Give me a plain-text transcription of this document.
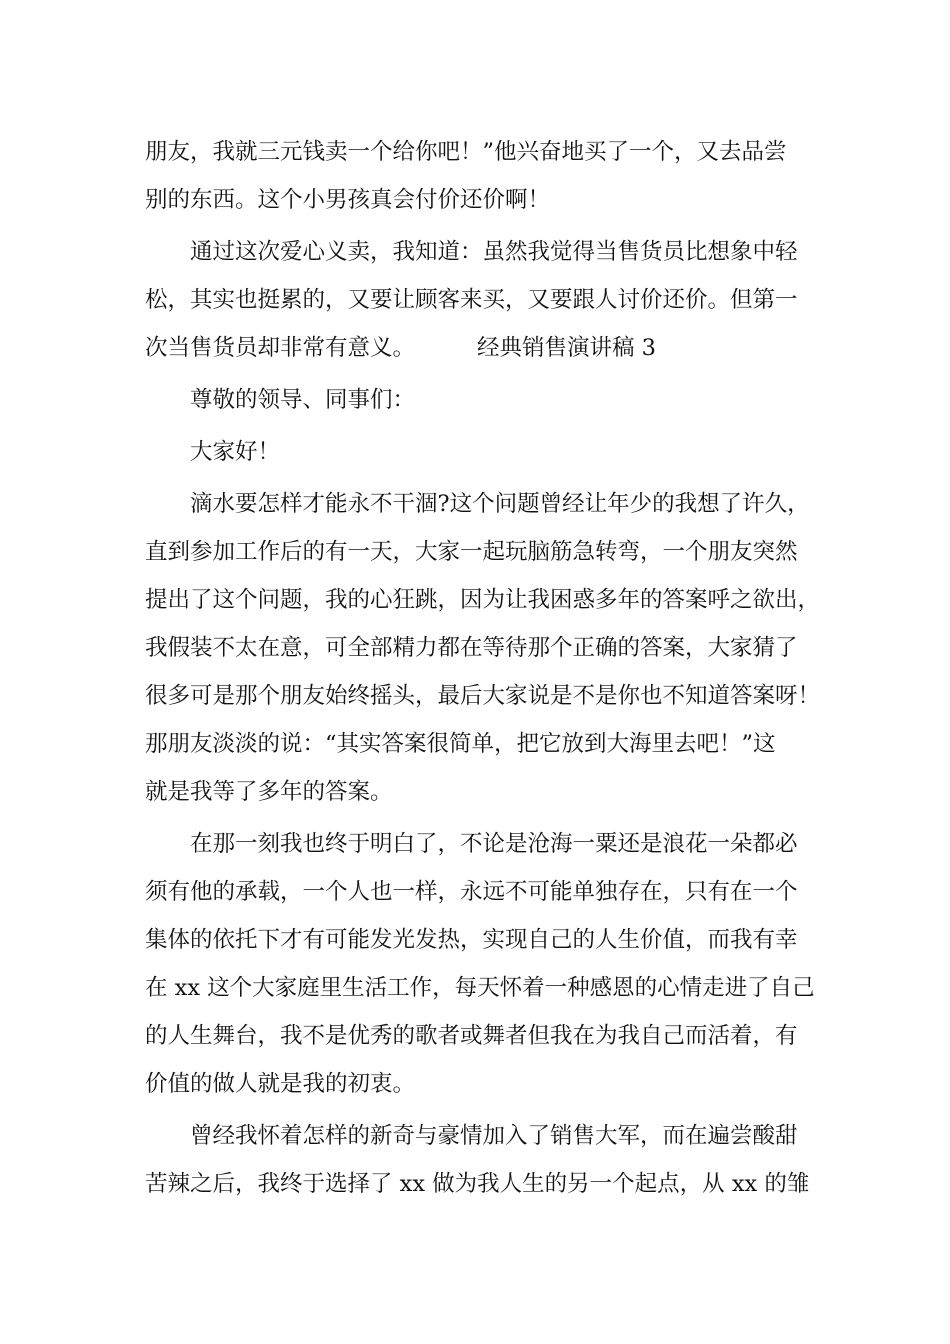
朋友，我就三元钱卖一个给你吧！”他兴奋地买了一个，又去品尝
别的东西。这个小男孩真会付价还价啊！
通过这次爱心义卖，我知道：虽然我觉得当售货员比想象中轻
松，其实也挺累的，又要让顾客来买，又要跟人讨价还价。但第一
次当售货员却非常有意义。	经典销售演讲稿 3
尊敬的领导、同事们：
大家好！
滴水要怎样才能永不干涸?这个问题曾经让年少的我想了许久，
直到参加工作后的有一天，大家一起玩脑筋急转弯，一个朋友突然
提出了这个问题，我的心狂跳，因为让我困惑多年的答案呼之欲出，
我假装不太在意，可全部精力都在等待那个正确的答案，大家猜了
很多可是那个朋友始终摇头，最后大家说是不是你也不知道答案呀！
那朋友淡淡的说：“其实答案很简单，把它放到大海里去吧！”这
就是我等了多年的答案。
在那一刻我也终于明白了，不论是沧海一粟还是浪花一朵都必
须有他的承载，一个人也一样，永远不可能单独存在，只有在一个
集体的依托下才有可能发光发热，实现自己的人生价值，而我有幸
在 xx 这个大家庭里生活工作，每天怀着一种感恩的心情走进了自己
的人生舞台，我不是优秀的歌者或舞者但我在为我自己而活着，有
价值的做人就是我的初衷。
曾经我怀着怎样的新奇与豪情加入了销售大军，而在遍尝酸甜
苦辣之后，我终于选择了 xx 做为我人生的另一个起点，从 xx 的雏
